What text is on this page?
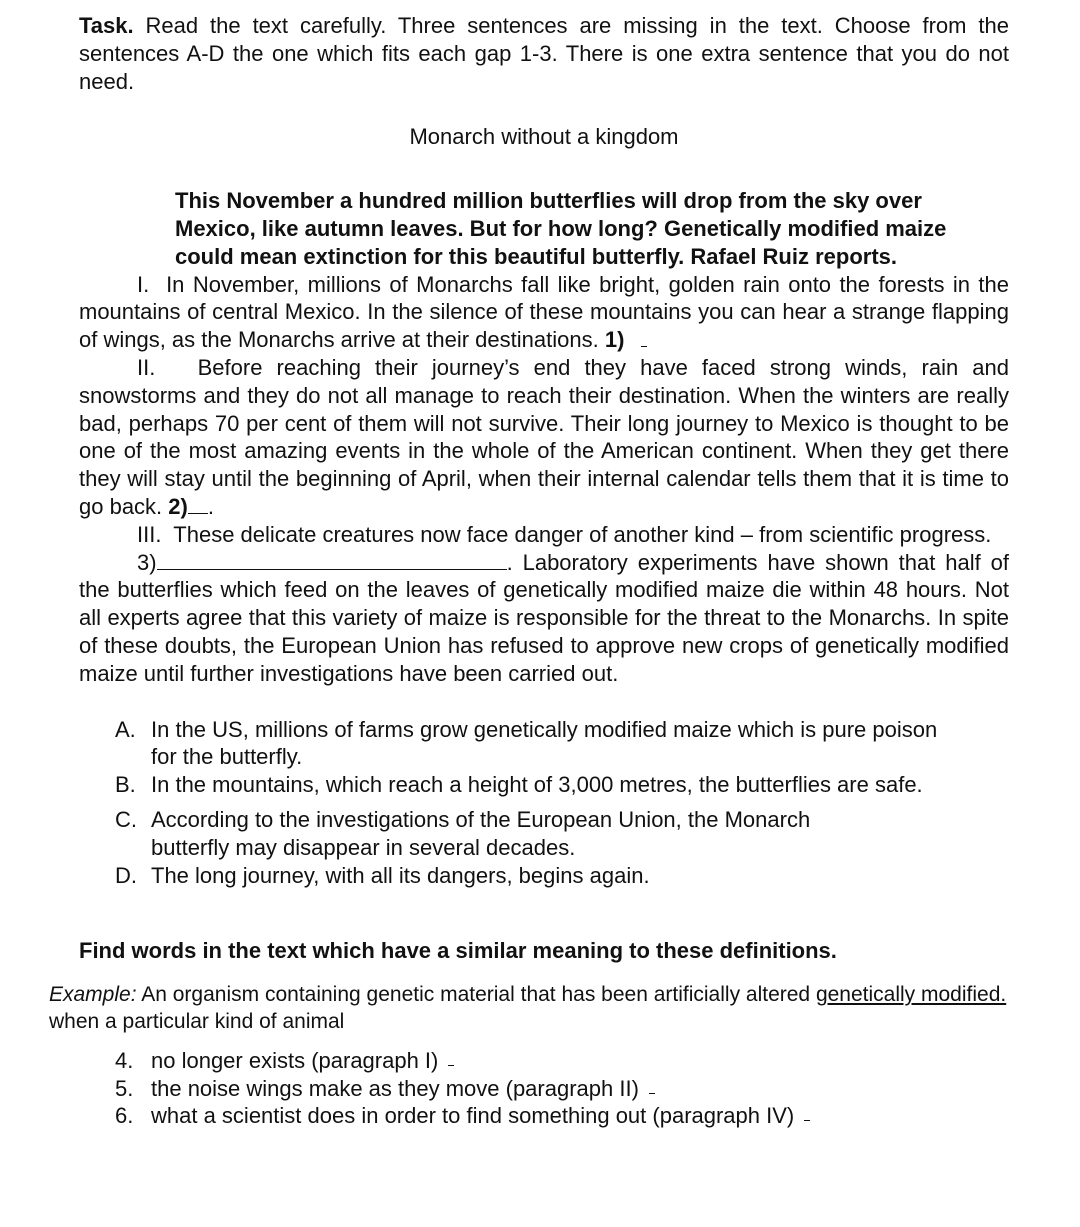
Task. Read the text carefully. Three sentences are missing in the text. Choose from the sentences A-D the one which fits each gap 1-3. There is one extra sentence that you do not need.

Monarch without a kingdom

This November a hundred million butterflies will drop from the sky over Mexico, like autumn leaves. But for how long? Genetically modified maize could mean extinction for this beautiful butterfly. Rafael Ruiz reports.

I. In November, millions of Monarchs fall like bright, golden rain onto the forests in the mountains of central Mexico. In the silence of these mountains you can hear a strange flapping of wings, as the Monarchs arrive at their destinations. 1)

II. Before reaching their journey’s end they have faced strong winds, rain and snowstorms and they do not all manage to reach their destination. When the winters are really bad, perhaps 70 per cent of them will not survive. Their long journey to Mexico is thought to be one of the most amazing events in the whole of the American continent. When they get there they will stay until the beginning of April, when their internal calendar tells them that it is time to go back. 2) .

III. These delicate creatures now face danger of another kind – from scientific progress.

3)	. Laboratory experiments have shown that half of the butterflies which feed on the leaves of genetically modified maize die within 48 hours. Not all experts agree that this variety of maize is responsible for the threat to the Monarchs. In spite of these doubts, the European Union has refused to approve new crops of genetically modified maize until further investigations have been carried out.

A. In the US, millions of farms grow genetically modified maize which is pure poison for the butterfly.
B. In the mountains, which reach a height of 3,000 metres, the butterflies are safe.
C. According to the investigations of the European Union, the Monarch butterfly may disappear in several decades.
D. The long journey, with all its dangers, begins again.

Find words in the text which have a similar meaning to these definitions.

Example: An organism containing genetic material that has been artificially altered genetically modified. when a particular kind of animal

4. no longer exists (paragraph I)
5. the noise wings make as they move (paragraph II)
6. what a scientist does in order to find something out (paragraph IV)
